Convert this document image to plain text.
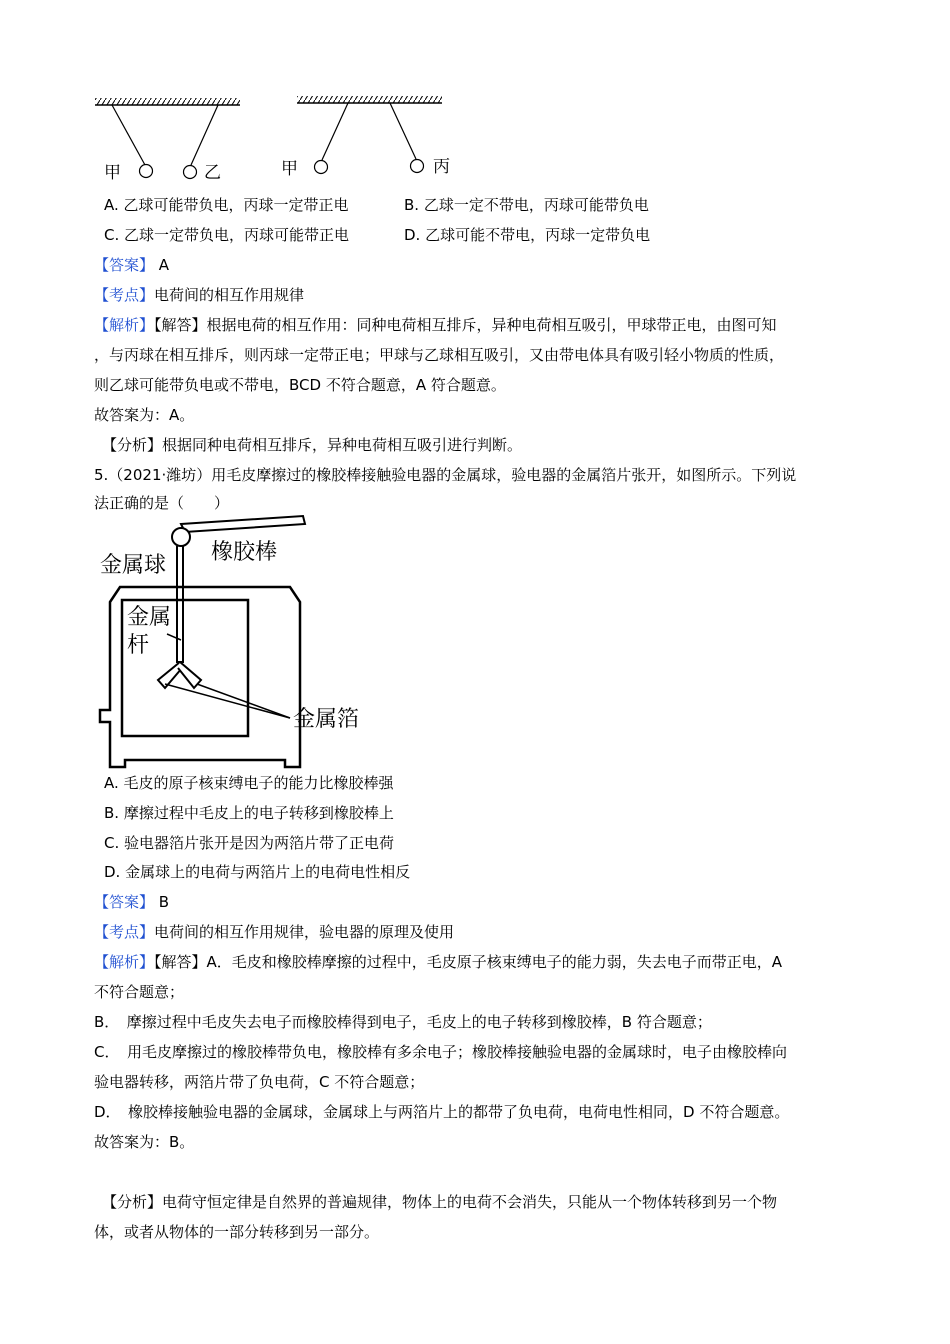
甲	乙	甲	丙
A. 乙球可能带负电，丙球一定带正电	B. 乙球一定不带电，丙球可能带负电
C. 乙球一定带负电，丙球可能带正电	D. 乙球可能不带电，丙球一定带负电
【答案】 A
【考点】电荷间的相互作用规律
【解析】【解答】根据电荷的相互作用：同种电荷相互排斥，异种电荷相互吸引，甲球带正电，由图可知
，与丙球在相互排斥，则丙球一定带正电；甲球与乙球相互吸引，又由带电体具有吸引轻小物质的性质，
则乙球可能带负电或不带电，BCD 不符合题意，A 符合题意。
故答案为：A。
【分析】根据同种电荷相互排斥，异种电荷相互吸引进行判断。
5.（2021·潍坊）用毛皮摩擦过的橡胶棒接触验电器的金属球，验电器的金属箔片张开，如图所示。下列说
法正确的是（　　）
金属球
橡胶棒
金属
杆
金属箔
A. 毛皮的原子核束缚电子的能力比橡胶棒强
B. 摩擦过程中毛皮上的电子转移到橡胶棒上
C. 验电器箔片张开是因为两箔片带了正电荷
D. 金属球上的电荷与两箔片上的电荷电性相反
【答案】 B
【考点】电荷间的相互作用规律，验电器的原理及使用
【解析】【解答】A．毛皮和橡胶棒摩擦的过程中，毛皮原子核束缚电子的能力弱，失去电子而带正电，A
不符合题意；
B．　摩擦过程中毛皮失去电子而橡胶棒得到电子，毛皮上的电子转移到橡胶棒，B 符合题意；
C．　用毛皮摩擦过的橡胶棒带负电，橡胶棒有多余电子；橡胶棒接触验电器的金属球时，电子由橡胶棒向
验电器转移，两箔片带了负电荷，C 不符合题意；
D．　橡胶棒接触验电器的金属球，金属球上与两箔片上的都带了负电荷，电荷电性相同，D 不符合题意。
故答案为：B。
【分析】电荷守恒定律是自然界的普遍规律，物体上的电荷不会消失，只能从一个物体转移到另一个物
体，或者从物体的一部分转移到另一部分。
